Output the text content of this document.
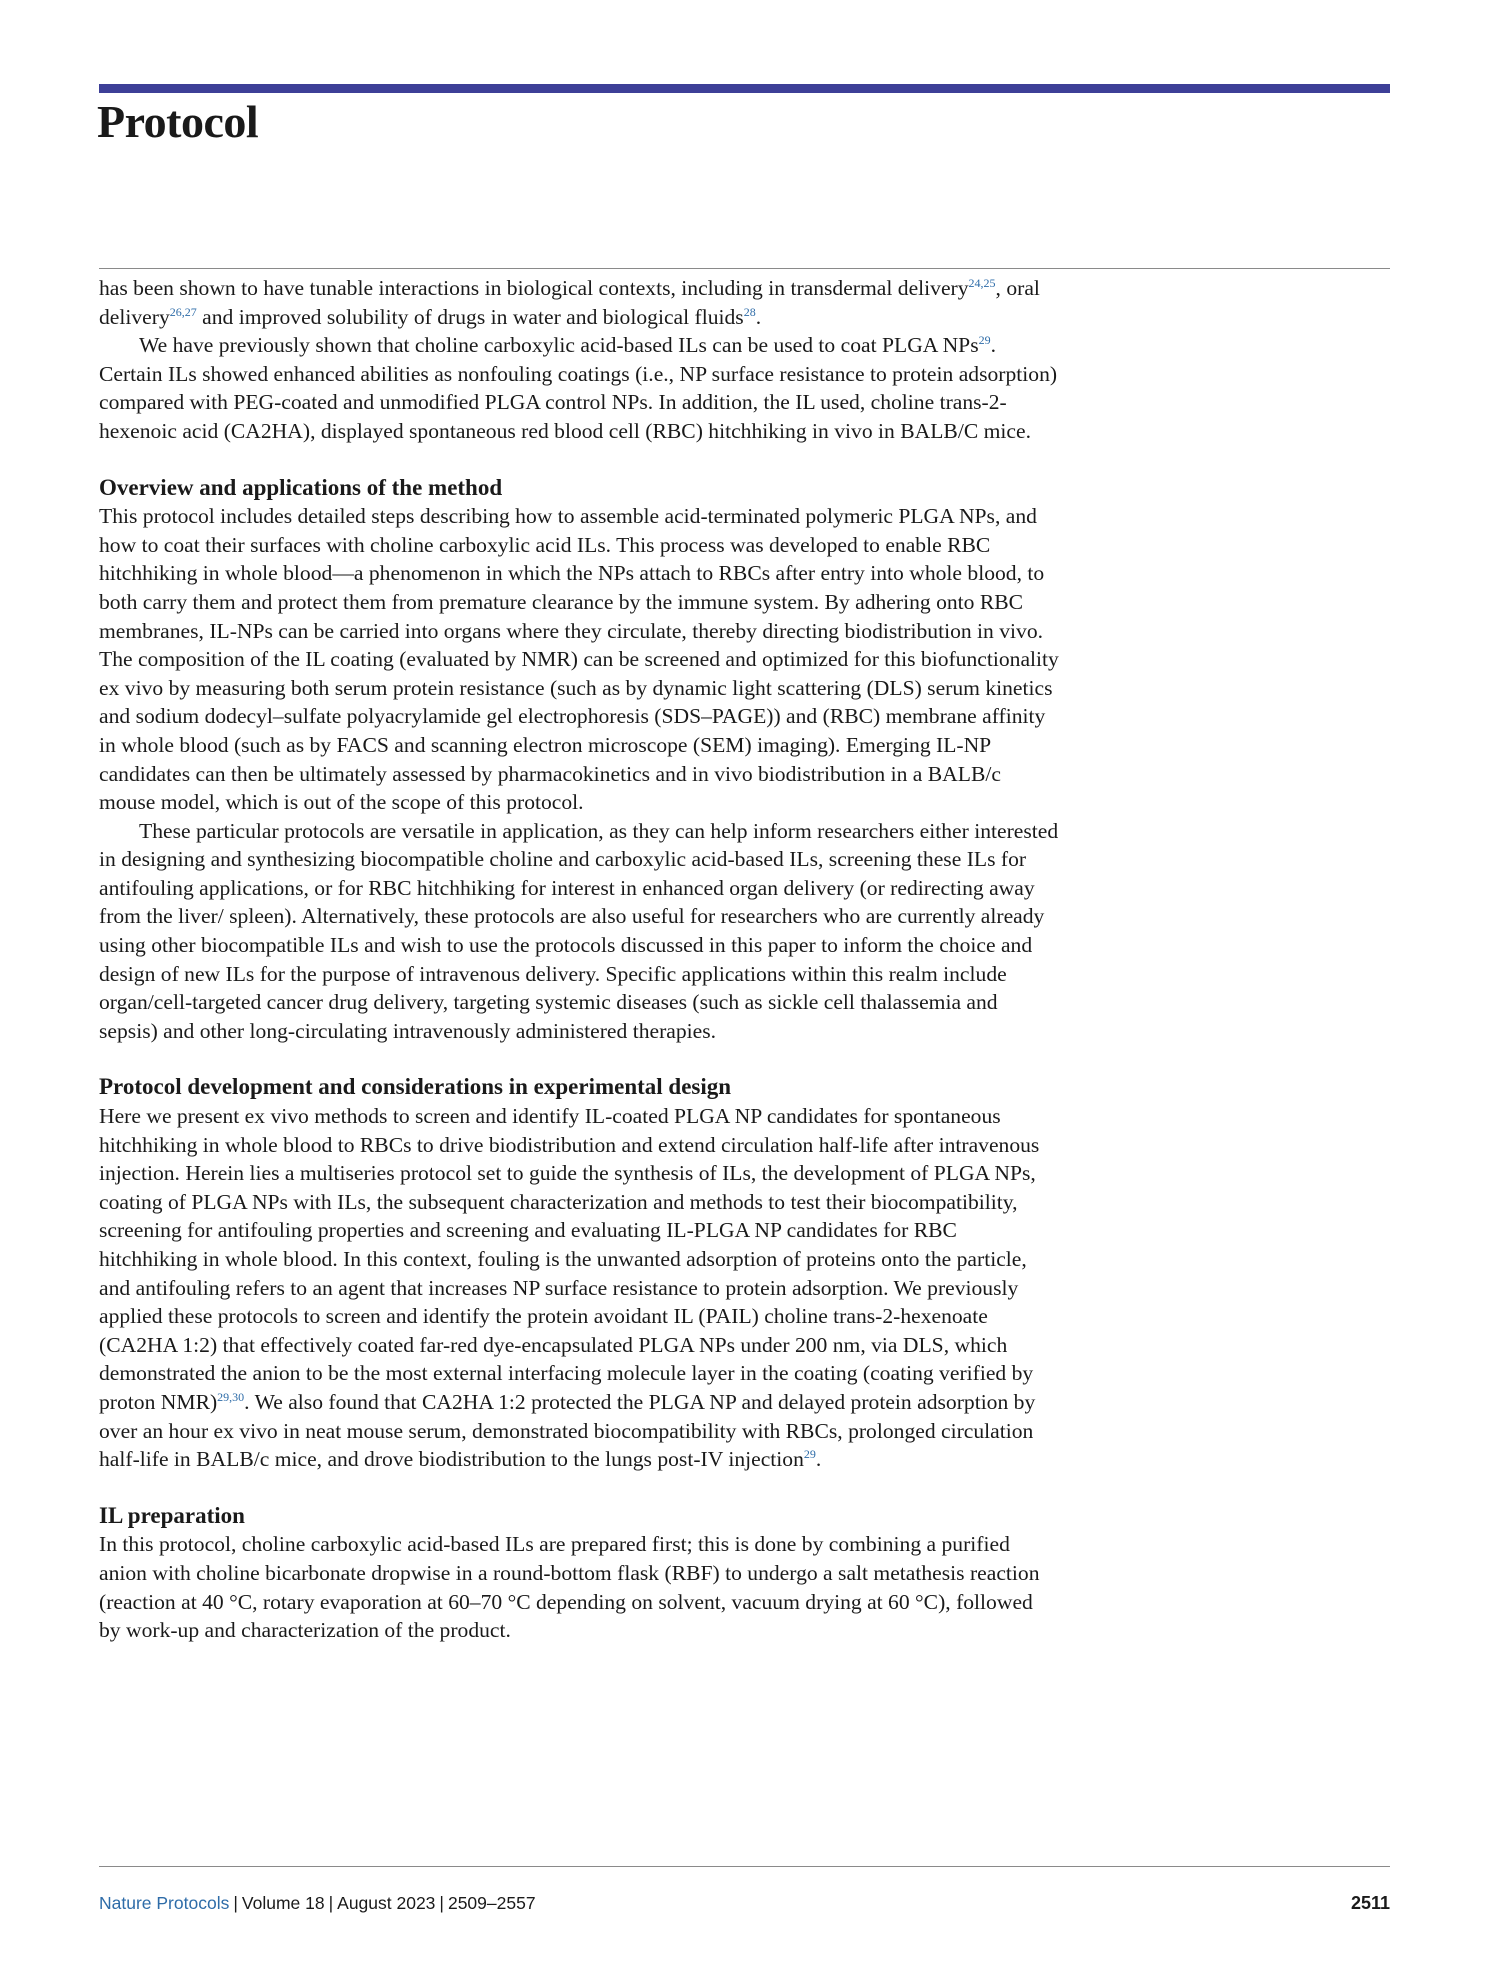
Protocol

has been shown to have tunable interactions in biological contexts, including in transdermal delivery$^{24,25}$, oral delivery$^{26,27}$ and improved solubility of drugs in water and biological fluids$^{28}$.

We have previously shown that choline carboxylic acid-based ILs can be used to coat PLGA NPs$^{29}$. Certain ILs showed enhanced abilities as nonfouling coatings (i.e., NP surface resistance to protein adsorption) compared with PEG-coated and unmodified PLGA control NPs. In addition, the IL used, choline trans-2-hexenoic acid (CA2HA), displayed spontaneous red blood cell (RBC) hitchhiking in vivo in BALB/C mice.

Overview and applications of the method

This protocol includes detailed steps describing how to assemble acid-terminated polymeric PLGA NPs, and how to coat their surfaces with choline carboxylic acid ILs. This process was developed to enable RBC hitchhiking in whole blood—a phenomenon in which the NPs attach to RBCs after entry into whole blood, to both carry them and protect them from premature clearance by the immune system. By adhering onto RBC membranes, IL-NPs can be carried into organs where they circulate, thereby directing biodistribution in vivo. The composition of the IL coating (evaluated by NMR) can be screened and optimized for this biofunctionality ex vivo by measuring both serum protein resistance (such as by dynamic light scattering (DLS) serum kinetics and sodium dodecyl–sulfate polyacrylamide gel electrophoresis (SDS–PAGE)) and (RBC) membrane affinity in whole blood (such as by FACS and scanning electron microscope (SEM) imaging). Emerging IL-NP candidates can then be ultimately assessed by pharmacokinetics and in vivo biodistribution in a BALB/c mouse model, which is out of the scope of this protocol.

These particular protocols are versatile in application, as they can help inform researchers either interested in designing and synthesizing biocompatible choline and carboxylic acid-based ILs, screening these ILs for antifouling applications, or for RBC hitchhiking for interest in enhanced organ delivery (or redirecting away from the liver/ spleen). Alternatively, these protocols are also useful for researchers who are currently already using other biocompatible ILs and wish to use the protocols discussed in this paper to inform the choice and design of new ILs for the purpose of intravenous delivery. Specific applications within this realm include organ/cell-targeted cancer drug delivery, targeting systemic diseases (such as sickle cell thalassemia and sepsis) and other long-circulating intravenously administered therapies.

Protocol development and considerations in experimental design

Here we present ex vivo methods to screen and identify IL-coated PLGA NP candidates for spontaneous hitchhiking in whole blood to RBCs to drive biodistribution and extend circulation half-life after intravenous injection. Herein lies a multiseries protocol set to guide the synthesis of ILs, the development of PLGA NPs, coating of PLGA NPs with ILs, the subsequent characterization and methods to test their biocompatibility, screening for antifouling properties and screening and evaluating IL-PLGA NP candidates for RBC hitchhiking in whole blood. In this context, fouling is the unwanted adsorption of proteins onto the particle, and antifouling refers to an agent that increases NP surface resistance to protein adsorption. We previously applied these protocols to screen and identify the protein avoidant IL (PAIL) choline trans-2-hexenoate (CA2HA 1:2) that effectively coated far-red dye-encapsulated PLGA NPs under 200 nm, via DLS, which demonstrated the anion to be the most external interfacing molecule layer in the coating (coating verified by proton NMR)$^{29,30}$. We also found that CA2HA 1:2 protected the PLGA NP and delayed protein adsorption by over an hour ex vivo in neat mouse serum, demonstrated biocompatibility with RBCs, prolonged circulation half-life in BALB/c mice, and drove biodistribution to the lungs post-IV injection$^{29}$.

IL preparation

In this protocol, choline carboxylic acid-based ILs are prepared first; this is done by combining a purified anion with choline bicarbonate dropwise in a round-bottom flask (RBF) to undergo a salt metathesis reaction (reaction at 40 °C, rotary evaporation at 60–70 °C depending on solvent, vacuum drying at 60 °C), followed by work-up and characterization of the product.

Nature Protocols | Volume 18 | August 2023 | 2509–2557	2511
